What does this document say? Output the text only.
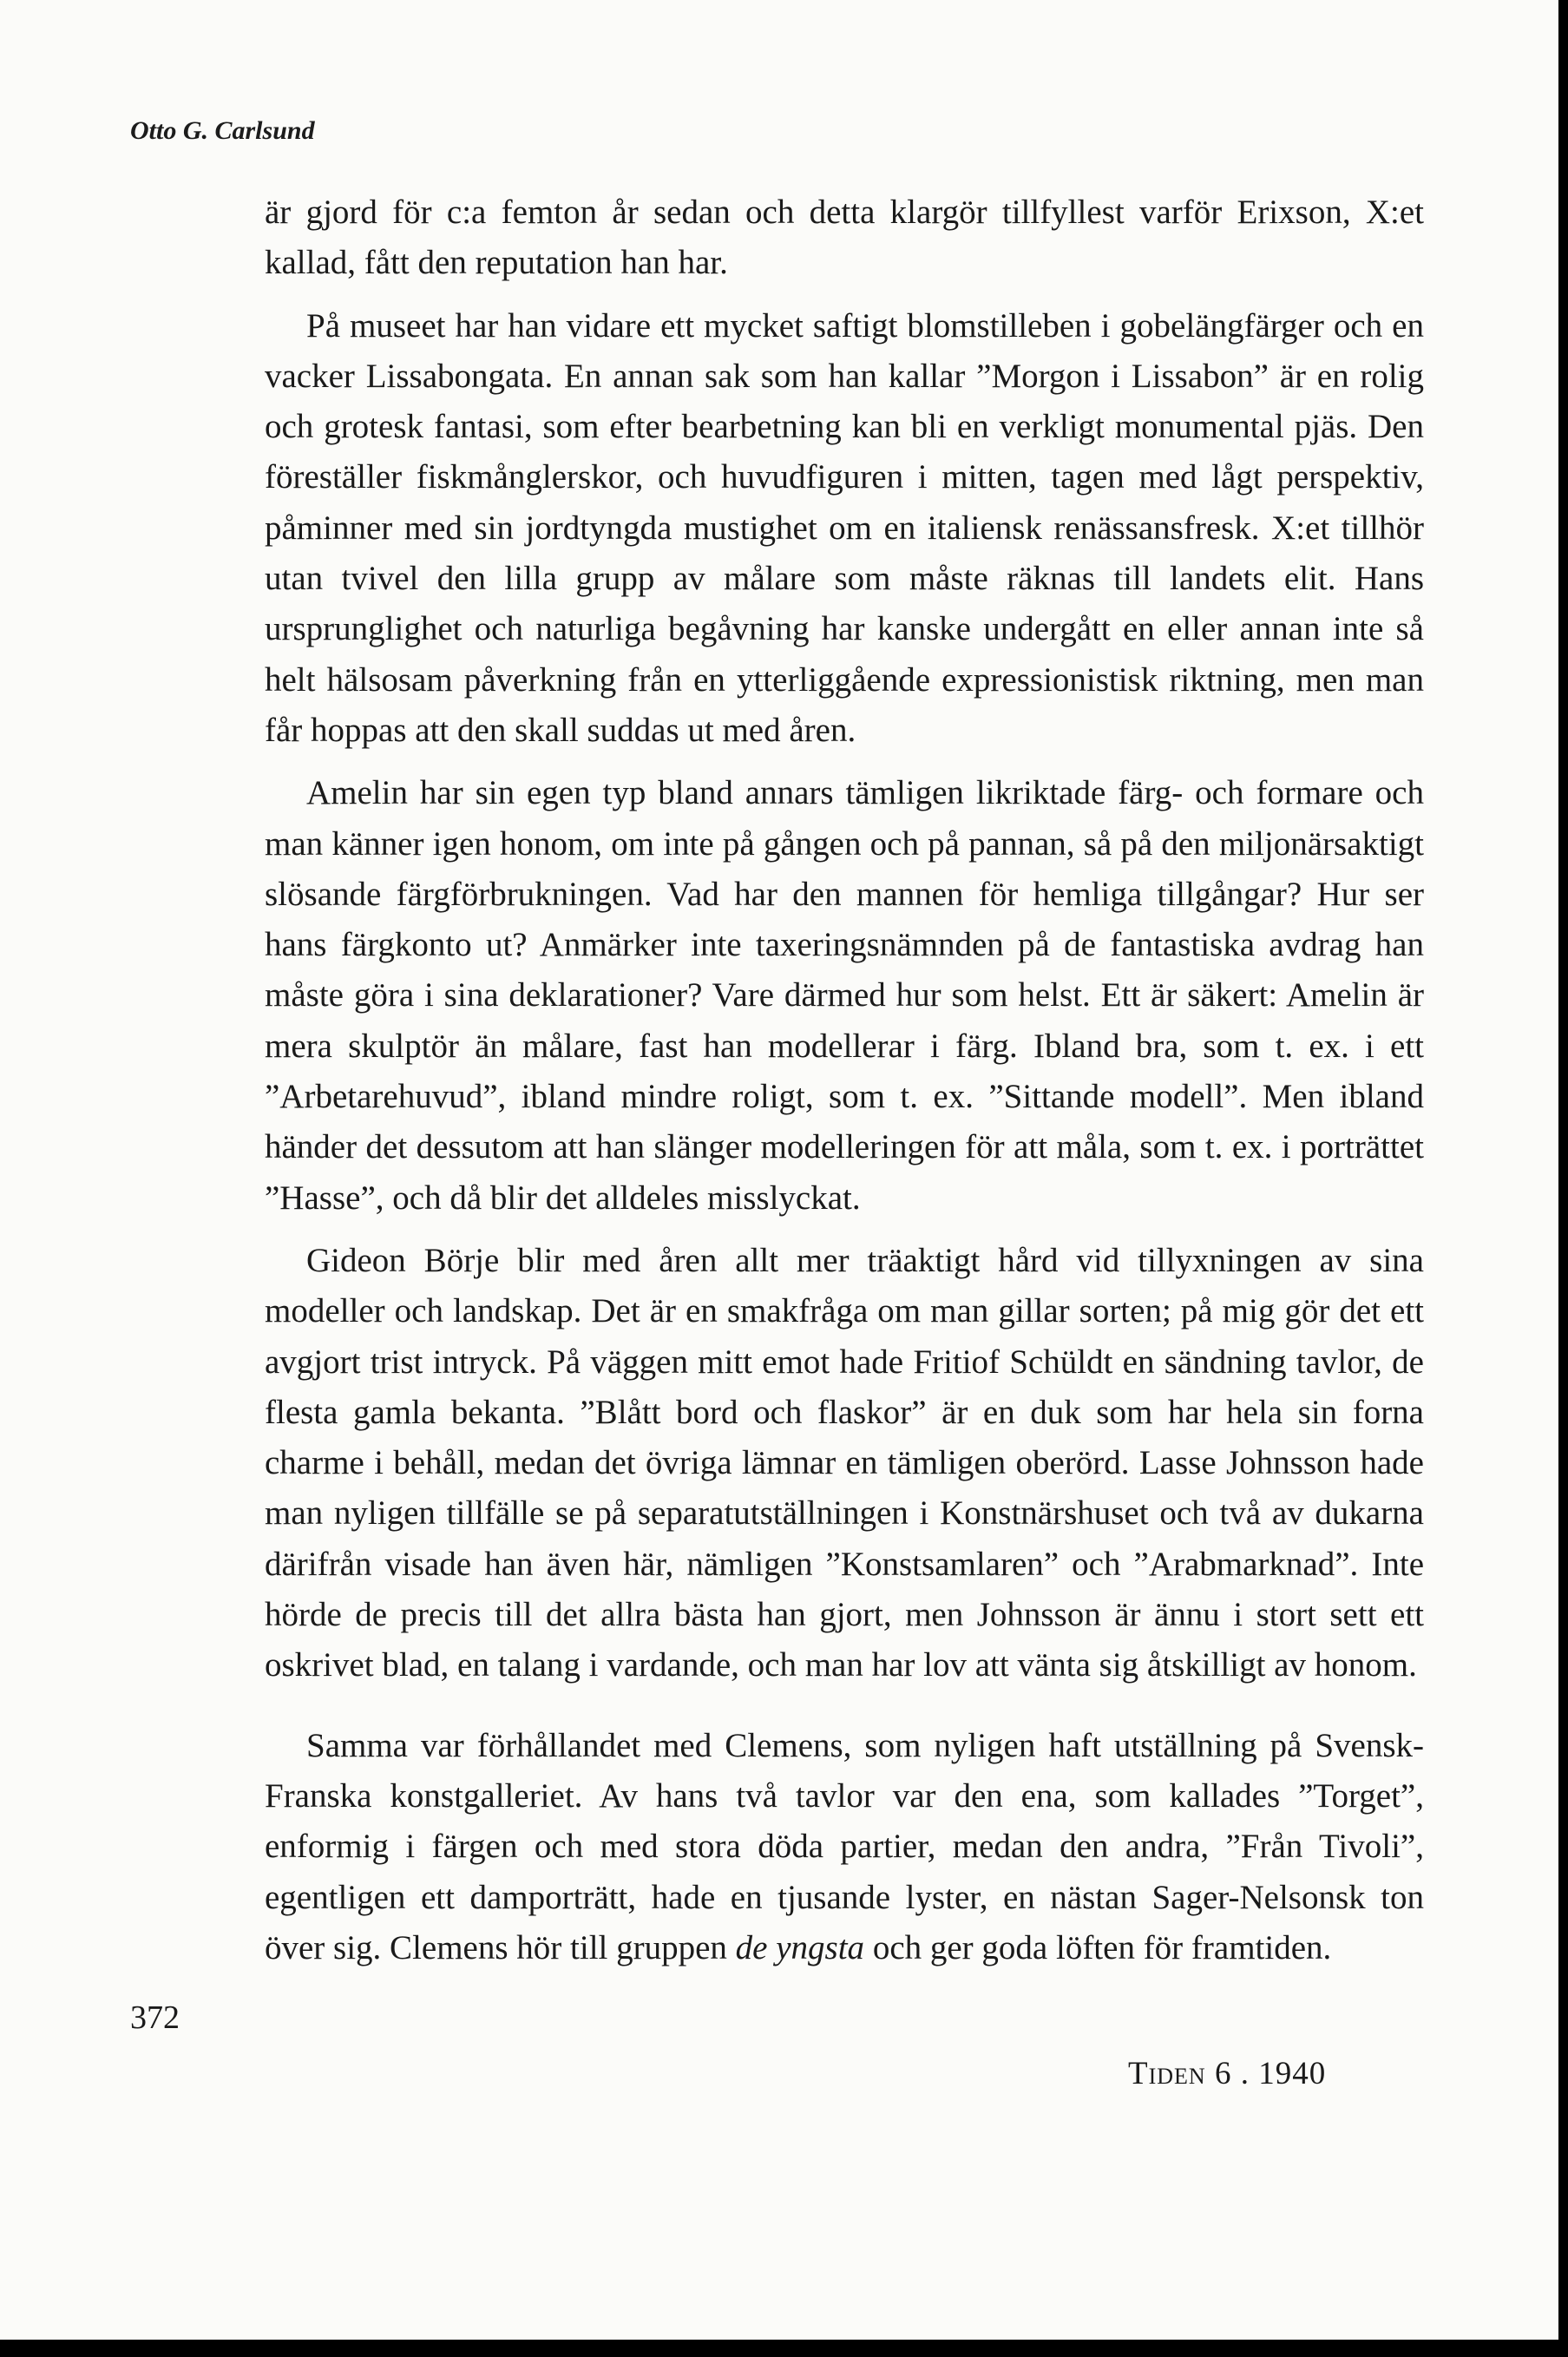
Otto G. Carlsund

är gjord för c:a femton år sedan och detta klargör tillfyllest varför Erixson, X:et kallad, fått den reputation han har.

På museet har han vidare ett mycket saftigt blomstilleben i gobelängfärger och en vacker Lissabongata. En annan sak som han kallar ”Morgon i Lissabon” är en rolig och grotesk fantasi, som efter bearbetning kan bli en verkligt monumental pjäs. Den föreställer fiskmånglerskor, och huvudfiguren i mitten, tagen med lågt perspektiv, påminner med sin jordtyngda mustighet om en italiensk renässansfresk. X:et tillhör utan tvivel den lilla grupp av målare som måste räknas till landets elit. Hans ursprunglighet och naturliga begåvning har kanske undergått en eller annan inte så helt hälsosam påverkning från en ytterliggående expressionistisk riktning, men man får hoppas att den skall suddas ut med åren.

Amelin har sin egen typ bland annars tämligen likriktade färg- och formare och man känner igen honom, om inte på gången och på pannan, så på den miljonärsaktigt slösande färgförbrukningen. Vad har den mannen för hemliga tillgångar? Hur ser hans färgkonto ut? Anmärker inte taxeringsnämnden på de fantastiska avdrag han måste göra i sina deklarationer? Vare därmed hur som helst. Ett är säkert: Amelin är mera skulptör än målare, fast han modellerar i färg. Ibland bra, som t. ex. i ett ”Arbetarehuvud”, ibland mindre roligt, som t. ex. ”Sittande modell”. Men ibland händer det dessutom att han slänger modelleringen för att måla, som t. ex. i porträttet ”Hasse”, och då blir det alldeles misslyckat.

Gideon Börje blir med åren allt mer träaktigt hård vid tillyxningen av sina modeller och landskap. Det är en smakfråga om man gillar sorten; på mig gör det ett avgjort trist intryck. På väggen mitt emot hade Fritiof Schüldt en sändning tavlor, de flesta gamla bekanta. ”Blått bord och flaskor” är en duk som har hela sin forna charme i behåll, medan det övriga lämnar en tämligen oberörd. Lasse Johnsson hade man nyligen tillfälle se på separatutställningen i Konstnärshuset och två av dukarna därifrån visade han även här, nämligen ”Konstsamlaren” och ”Arabmarknad”. Inte hörde de precis till det allra bästa han gjort, men Johnsson är ännu i stort sett ett oskrivet blad, en talang i vardande, och man har lov att vänta sig åtskilligt av honom.

Samma var förhållandet med Clemens, som nyligen haft utställning på Svensk-Franska konstgalleriet. Av hans två tavlor var den ena, som kallades ”Torget”, enformig i färgen och med stora döda partier, medan den andra, ”Från Tivoli”, egentligen ett damporträtt, hade en tjusande lyster, en nästan Sager-Nelsonsk ton över sig. Clemens hör till gruppen de yngsta och ger goda löften för framtiden.

372

Tiden 6 . 1940
